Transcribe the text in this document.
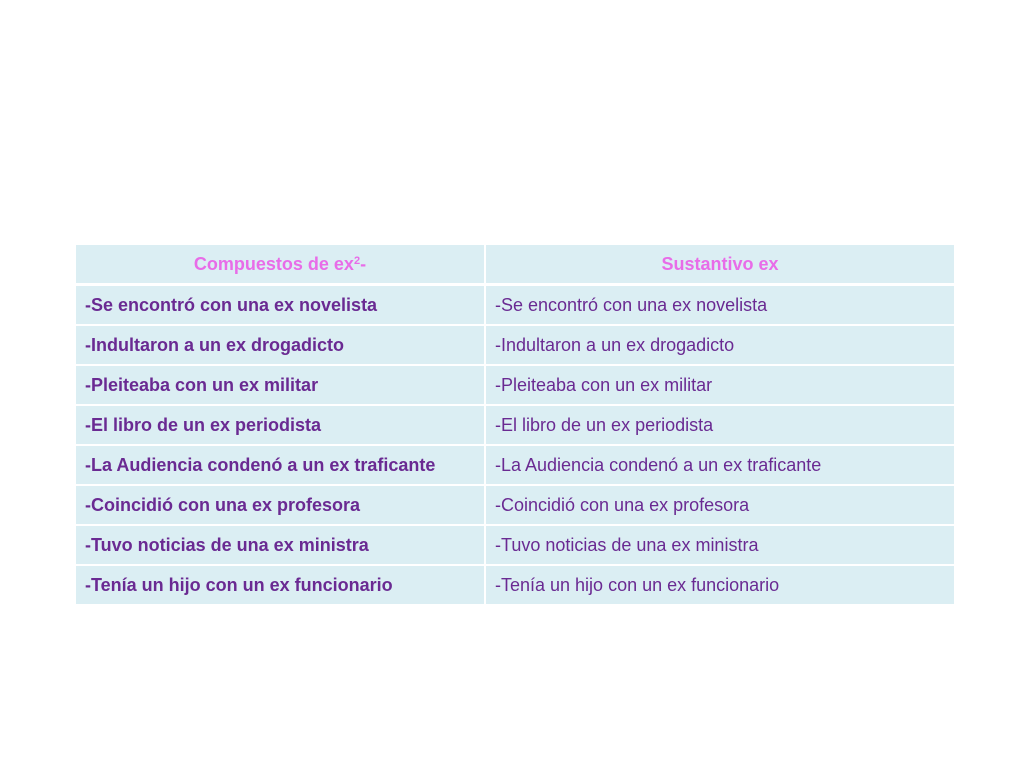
Compuestos de $ex^2-$	Sustantivo ex
-Se encontró con una ex novelista	-Se encontró con una ex novelista
-Indultaron a un ex drogadicto	-Indultaron a un ex drogadicto
-Pleiteaba con un ex militar	-Pleiteaba con un ex militar
-El libro de un ex periodista	-El libro de un ex periodista
-La Audiencia condenó a un ex traficante	-La Audiencia condenó a un ex traficante
-Coincidió con una ex profesora	-Coincidió con una ex profesora
-Tuvo noticias de una ex ministra	-Tuvo noticias de una ex ministra
-Tenía un hijo con un ex funcionario	-Tenía un hijo con un ex funcionario
